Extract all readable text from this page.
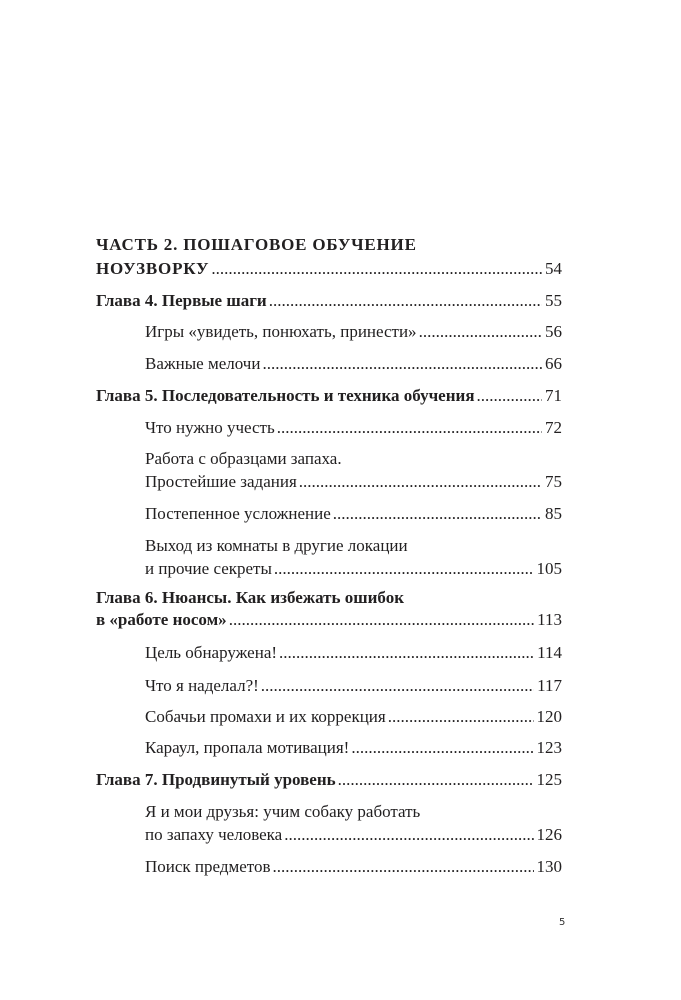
ЧАСТЬ 2. ПОШАГОВОЕ ОБУЧЕНИЕ
НОУЗВОРКУ .....	54
Глава 4. Первые шаги .....	55
Игры «увидеть, понюхать, принести» .....	56
Важные мелочи .....	66
Глава 5. Последовательность и техника обучения .....	71
Что нужно учесть .....	72
Работа с образцами запаха.
Простейшие задания .....	75
Постепенное усложнение .....	85
Выход из комнаты в другие локации
и прочие секреты .....	105
Глава 6. Нюансы. Как избежать ошибок
в «работе носом» .....	113
Цель обнаружена! .....	114
Что я наделал?! .....	117
Собачьи промахи и их коррекция .....	120
Караул, пропала мотивация! .....	123
Глава 7. Продвинутый уровень .....	125
Я и мои друзья: учим собаку работать
по запаху человека .....	126
Поиск предметов .....	130
5
